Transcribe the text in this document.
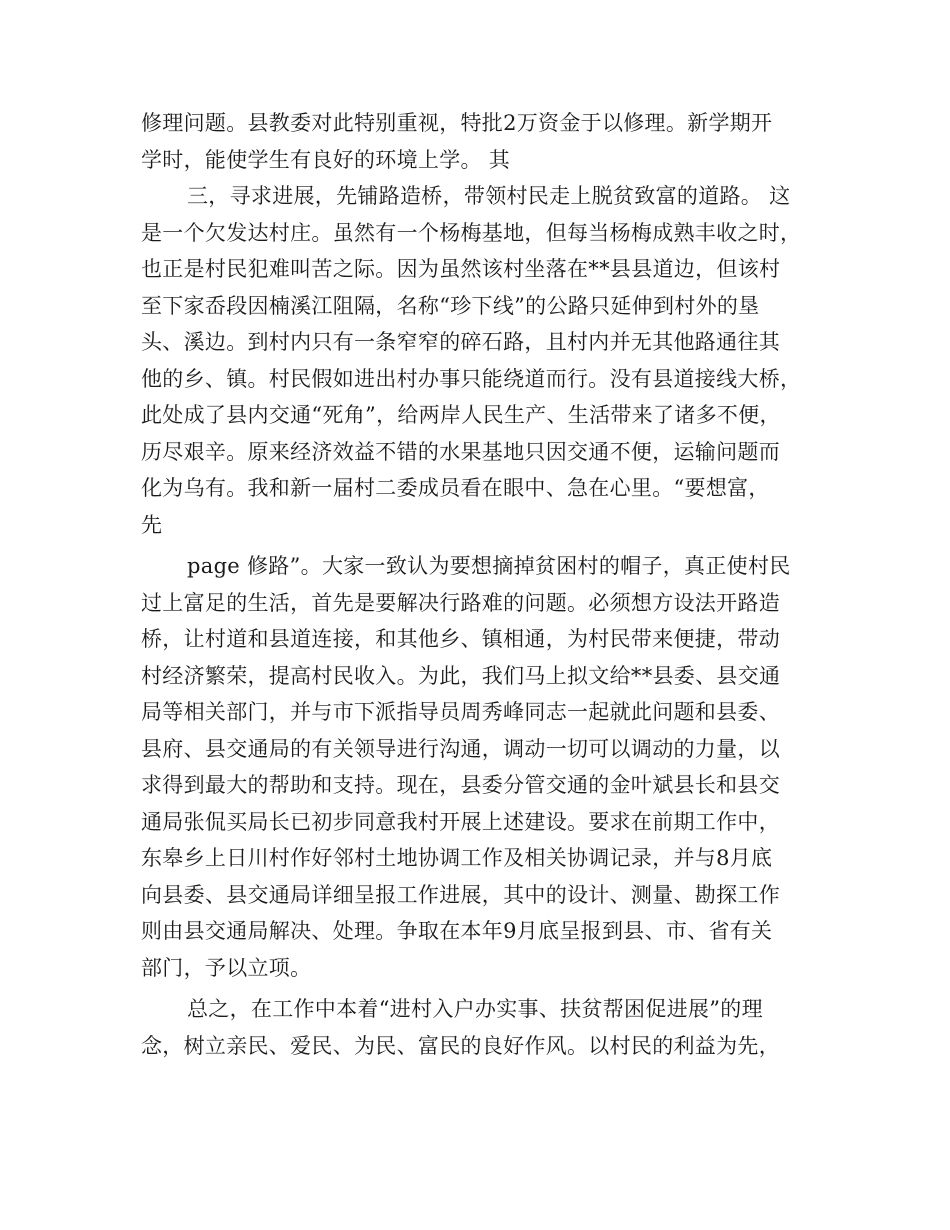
修理问题。县教委对此特别重视，特批2万资金于以修理。新学期开
学时，能使学生有良好的环境上学。 其
三，寻求进展，先铺路造桥，带领村民走上脱贫致富的道路。 这
是一个欠发达村庄。虽然有一个杨梅基地，但每当杨梅成熟丰收之时，
也正是村民犯难叫苦之际。因为虽然该村坐落在**县县道边，但该村
至下家岙段因楠溪江阻隔，名称“珍下线”的公路只延伸到村外的垦
头、溪边。到村内只有一条窄窄的碎石路，且村内并无其他路通往其
他的乡、镇。村民假如进出村办事只能绕道而行。没有县道接线大桥，
此处成了县内交通“死角”，给两岸人民生产、生活带来了诸多不便，
历尽艰辛。原来经济效益不错的水果基地只因交通不便，运输问题而
化为乌有。我和新一届村二委成员看在眼中、急在心里。“要想富，
先
page 修路”。大家一致认为要想摘掉贫困村的帽子，真正使村民
过上富足的生活，首先是要解决行路难的问题。必须想方设法开路造
桥，让村道和县道连接，和其他乡、镇相通，为村民带来便捷，带动
村经济繁荣，提高村民收入。为此，我们马上拟文给**县委、县交通
局等相关部门，并与市下派指导员周秀峰同志一起就此问题和县委、
县府、县交通局的有关领导进行沟通，调动一切可以调动的力量，以
求得到最大的帮助和支持。现在，县委分管交通的金叶斌县长和县交
通局张侃买局长已初步同意我村开展上述建设。要求在前期工作中，
东皋乡上日川村作好邻村土地协调工作及相关协调记录，并与8月底
向县委、县交通局详细呈报工作进展，其中的设计、测量、勘探工作
则由县交通局解决、处理。争取在本年9月底呈报到县、市、省有关
部门，予以立项。
总之，在工作中本着“进村入户办实事、扶贫帮困促进展”的理
念，树立亲民、爱民、为民、富民的良好作风。以村民的利益为先，
